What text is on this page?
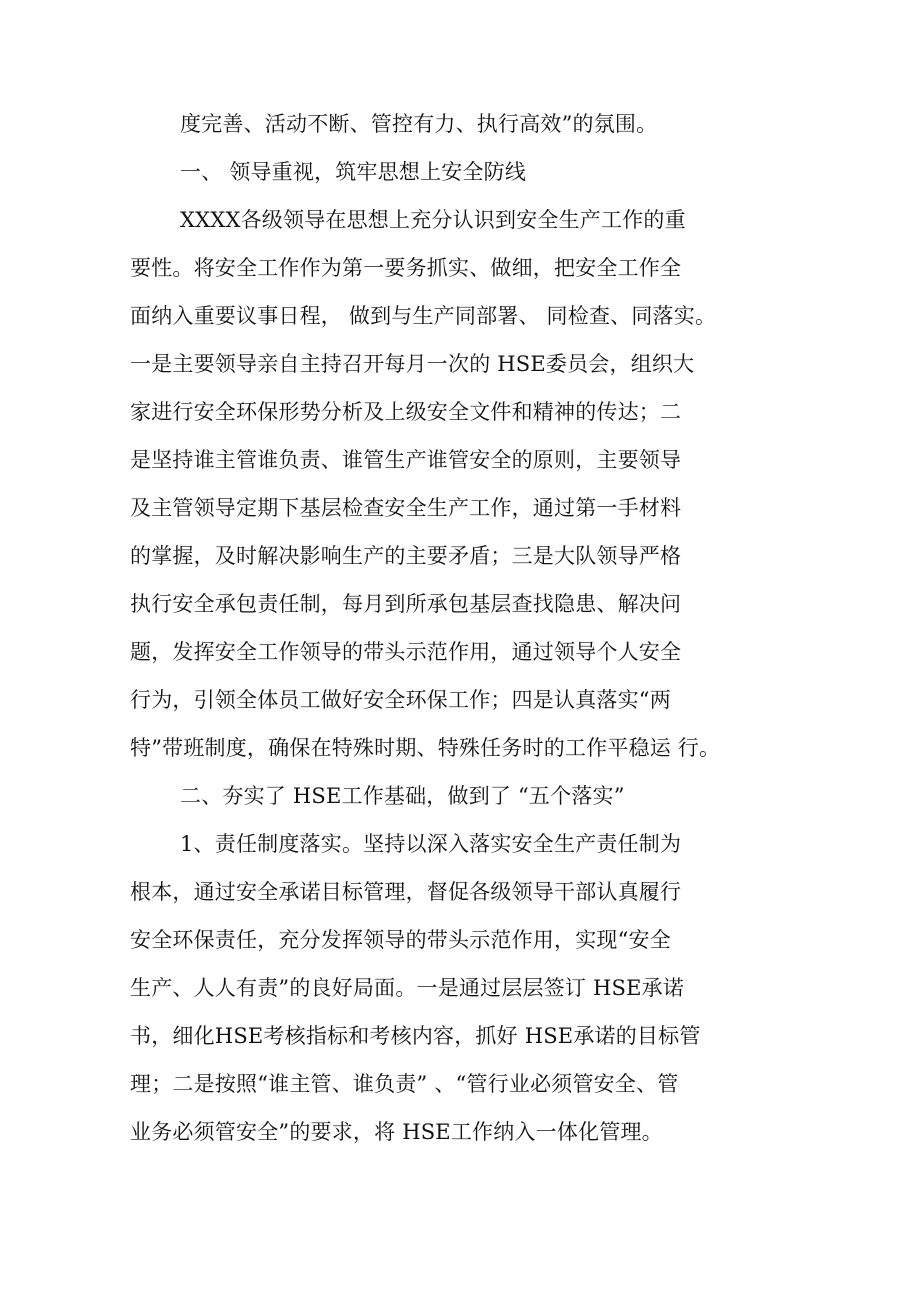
度完善、活动不断、管控有力、执行高效”的氛围。
一、 领导重视，筑牢思想上安全防线
XXXX各级领导在思想上充分认识到安全生产工作的重
要性。将安全工作作为第一要务抓实、做细，把安全工作全
面纳入重要议事日程， 做到与生产同部署、 同检查、同落实。
一是主要领导亲自主持召开每月一次的 HSE委员会，组织大
家进行安全环保形势分析及上级安全文件和精神的传达；二
是坚持谁主管谁负责、谁管生产谁管安全的原则，主要领导
及主管领导定期下基层检查安全生产工作，通过第一手材料
的掌握，及时解决影响生产的主要矛盾；三是大队领导严格
执行安全承包责任制，每月到所承包基层查找隐患、解决问
题，发挥安全工作领导的带头示范作用，通过领导个人安全
行为，引领全体员工做好安全环保工作；四是认真落实“两
特”带班制度，确保在特殊时期、特殊任务时的工作平稳运 行。
二、夯实了 HSE工作基础，做到了 “五个落实”
1、责任制度落实。坚持以深入落实安全生产责任制为
根本，通过安全承诺目标管理，督促各级领导干部认真履行
安全环保责任，充分发挥领导的带头示范作用，实现“安全
生产、人人有责”的良好局面。一是通过层层签订 HSE承诺
书，细化HSE考核指标和考核内容，抓好 HSE承诺的目标管
理；二是按照“谁主管、谁负责” 、“管行业必须管安全、管
业务必须管安全”的要求，将 HSE工作纳入一体化管理。
